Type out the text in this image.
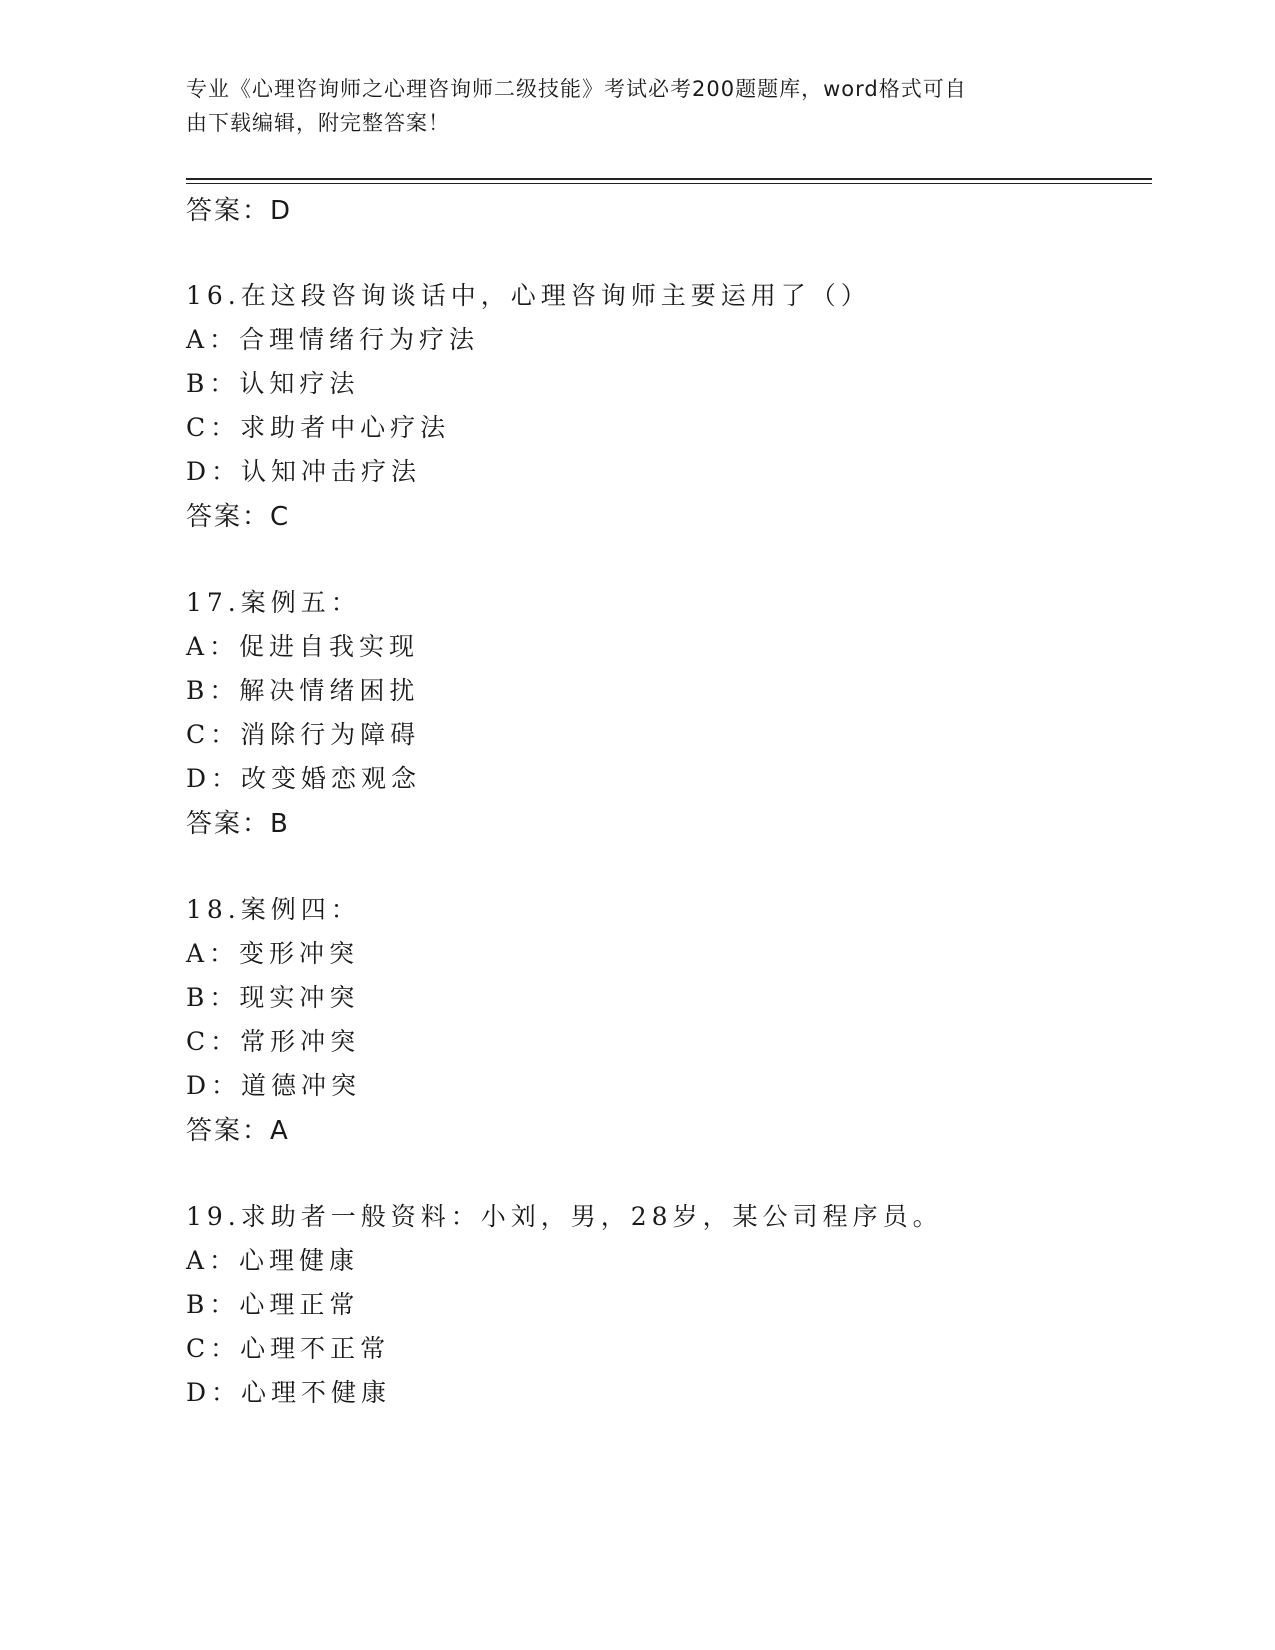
专业《心理咨询师之心理咨询师二级技能》考试必考200题题库，word格式可自
由下载编辑，附完整答案！
答案：D
16.在这段咨询谈话中，心理咨询师主要运用了（）
A：合理情绪行为疗法
B：认知疗法
C：求助者中心疗法
D：认知冲击疗法
答案：C
17.案例五：
A：促进自我实现
B：解决情绪困扰
C：消除行为障碍
D：改变婚恋观念
答案：B
18.案例四：
A：变形冲突
B：现实冲突
C：常形冲突
D：道德冲突
答案：A
19.求助者一般资料：小刘，男，28岁，某公司程序员。
A：心理健康
B：心理正常
C：心理不正常
D：心理不健康
